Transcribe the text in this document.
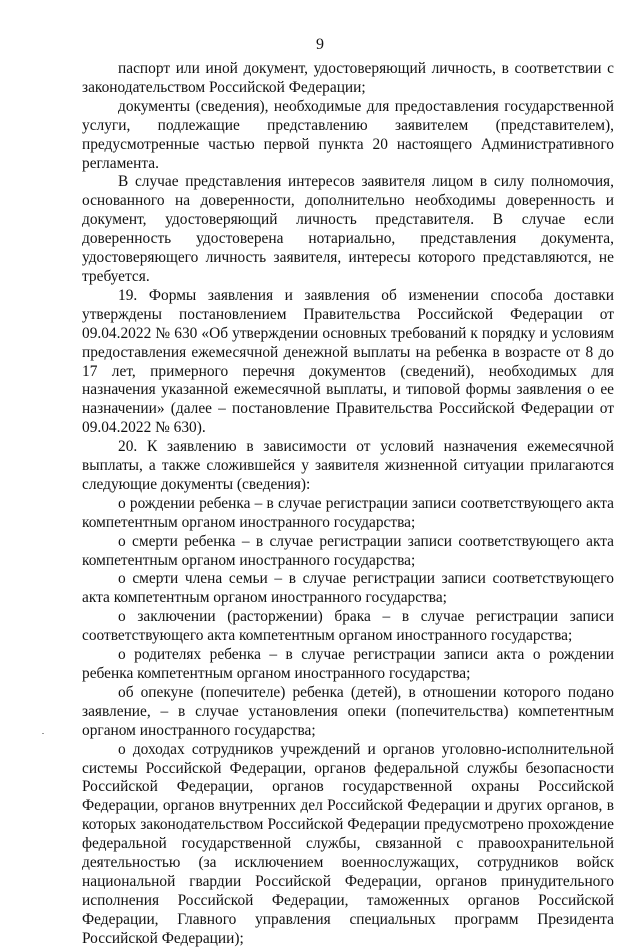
9

паспорт или иной документ, удостоверяющий личность, в соответствии с законодательством Российской Федерации;

документы (сведения), необходимые для предоставления государственной услуги, подлежащие представлению заявителем (представителем), предусмотренные частью первой пункта 20 настоящего Административного регламента.

В случае представления интересов заявителя лицом в силу полномочия, основанного на доверенности, дополнительно необходимы доверенность и документ, удостоверяющий личность представителя. В случае если доверенность удостоверена нотариально, представления документа, удостоверяющего личность заявителя, интересы которого представляются, не требуется.

19. Формы заявления и заявления об изменении способа доставки утверждены постановлением Правительства Российской Федерации от 09.04.2022 № 630 «Об утверждении основных требований к порядку и условиям предоставления ежемесячной денежной выплаты на ребенка в возрасте от 8 до 17 лет, примерного перечня документов (сведений), необходимых для назначения указанной ежемесячной выплаты, и типовой формы заявления о ее назначении» (далее – постановление Правительства Российской Федерации от 09.04.2022 № 630).

20. К заявлению в зависимости от условий назначения ежемесячной выплаты, а также сложившейся у заявителя жизненной ситуации прилагаются следующие документы (сведения):

о рождении ребенка – в случае регистрации записи соответствующего акта компетентным органом иностранного государства;

о смерти ребенка – в случае регистрации записи соответствующего акта компетентным органом иностранного государства;

о смерти члена семьи – в случае регистрации записи соответствующего акта компетентным органом иностранного государства;

о заключении (расторжении) брака – в случае регистрации записи соответствующего акта компетентным органом иностранного государства;

о родителях ребенка – в случае регистрации записи акта о рождении ребенка компетентным органом иностранного государства;

об опекуне (попечителе) ребенка (детей), в отношении которого подано заявление, – в случае установления опеки (попечительства) компетентным органом иностранного государства;

о доходах сотрудников учреждений и органов уголовно-исполнительной системы Российской Федерации, органов федеральной службы безопасности Российской Федерации, органов государственной охраны Российской Федерации, органов внутренних дел Российской Федерации и других органов, в которых законодательством Российской Федерации предусмотрено прохождение федеральной государственной службы, связанной с правоохранительной деятельностью (за исключением военнослужащих, сотрудников войск национальной гвардии Российской Федерации, органов принудительного исполнения Российской Федерации, таможенных органов Российской Федерации, Главного управления специальных программ Президента Российской Федерации);
